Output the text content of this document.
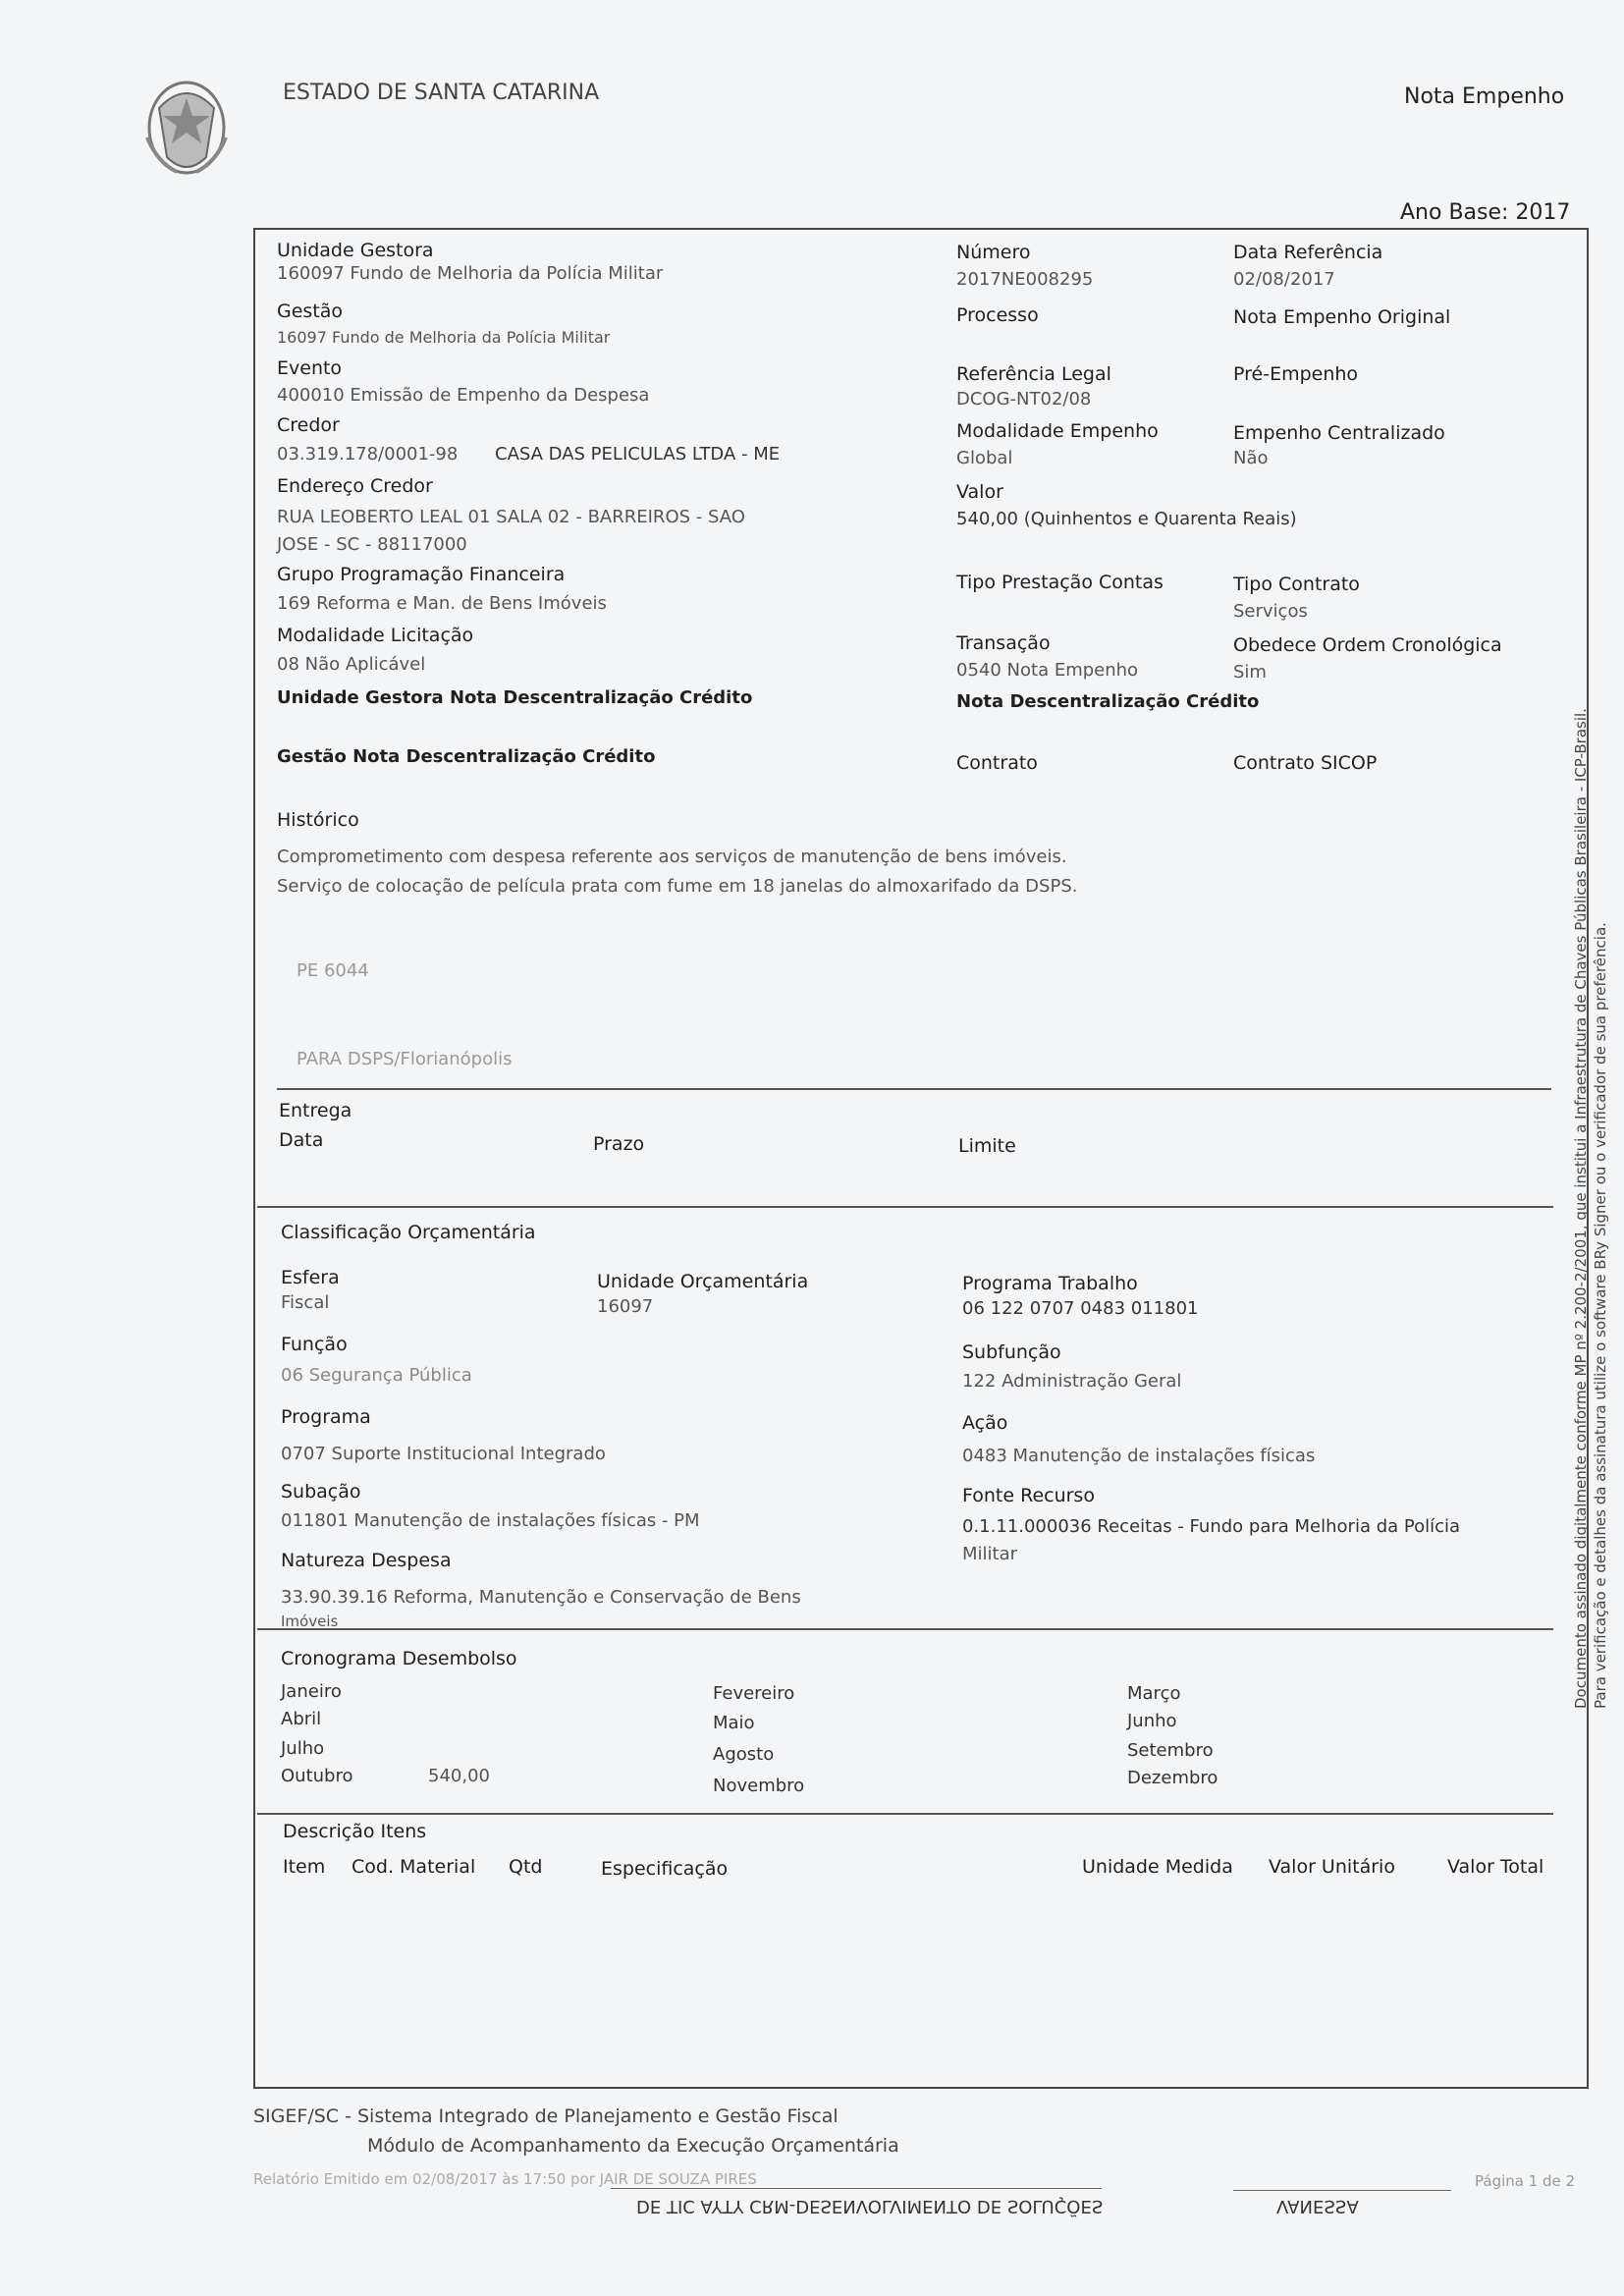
ESTADO DE SANTA CATARINA	Nota Empenho
Ano Base: 2017
Unidade Gestora
160097 Fundo de Melhoria da Polícia Militar
Gestão
16097 Fundo de Melhoria da Polícia Militar
Evento
400010 Emissão de Empenho da Despesa
Credor
03.319.178/0001-98 CASA DAS PELICULAS LTDA - ME
Endereço Credor
RUA LEOBERTO LEAL 01 SALA 02 - BARREIROS - SAO
JOSE - SC - 88117000
Grupo Programação Financeira
169 Reforma e Man. de Bens Imóveis
Modalidade Licitação
08 Não Aplicável
Unidade Gestora Nota Descentralização Crédito
Gestão Nota Descentralização Crédito
Número
2017NE008295
Data Referência
02/08/2017
Processo	Nota Empenho Original
Referência Legal
DCOG-NT02/08
Pré-Empenho
Modalidade Empenho
Global
Empenho Centralizado
Não
Valor
540,00 (Quinhentos e Quarenta Reais)
Tipo Prestação Contas	Tipo Contrato
Serviços
Transação
0540 Nota Empenho
Obedece Ordem Cronológica
Sim
Nota Descentralização Crédito
Contrato	Contrato SICOP
Histórico
Comprometimento com despesa referente aos serviços de manutenção de bens imóveis.
Serviço de colocação de película prata com fume em 18 janelas do almoxarifado da DSPS.
PE 6044
PARA DSPS/Florianópolis
Entrega
Data	Prazo	Limite
Classificação Orçamentária
Esfera
Fiscal
Unidade Orçamentária
16097
Programa Trabalho
06 122 0707 0483 011801
Função
06 Segurança Pública
Subfunção
122 Administração Geral
Programa
0707 Suporte Institucional Integrado
Ação
0483 Manutenção de instalações físicas
Subação
011801 Manutenção de instalações físicas - PM
Fonte Recurso
0.1.11.000036 Receitas - Fundo para Melhoria da Polícia
Militar
Natureza Despesa
33.90.39.16 Reforma, Manutenção e Conservação de Bens
Imóveis
Cronograma Desembolso
Janeiro	Fevereiro	Março
Abril	Maio	Junho
Julho	Agosto	Setembro
Outubro	540,00	Novembro	Dezembro
Descrição Itens
Item Cod. Material Qtd	Especificação	Unidade Medida Valor Unitário	Valor Total
SIGEF/SC - Sistema Integrado de Planejamento e Gestão Fiscal
Módulo de Acompanhamento da Execução Orçamentária
Relatório Emitido em 02/08/2017 às 17:50 por JAIR DE SOUZA PIRES	Página 1 de 2
DE TIC AYTY CRM-DESENVOLVIMENTO DE SOLUÇÕES	VANESSA
Documento assinado digitalmente conforme MP nº 2.200-2/2001, que institui a Infraestrutura de Chaves Públicas Brasileira - ICP-Brasil. Para verificação e detalhes da assinatura utilize o software BRy Signer ou o verificador de sua preferência.
